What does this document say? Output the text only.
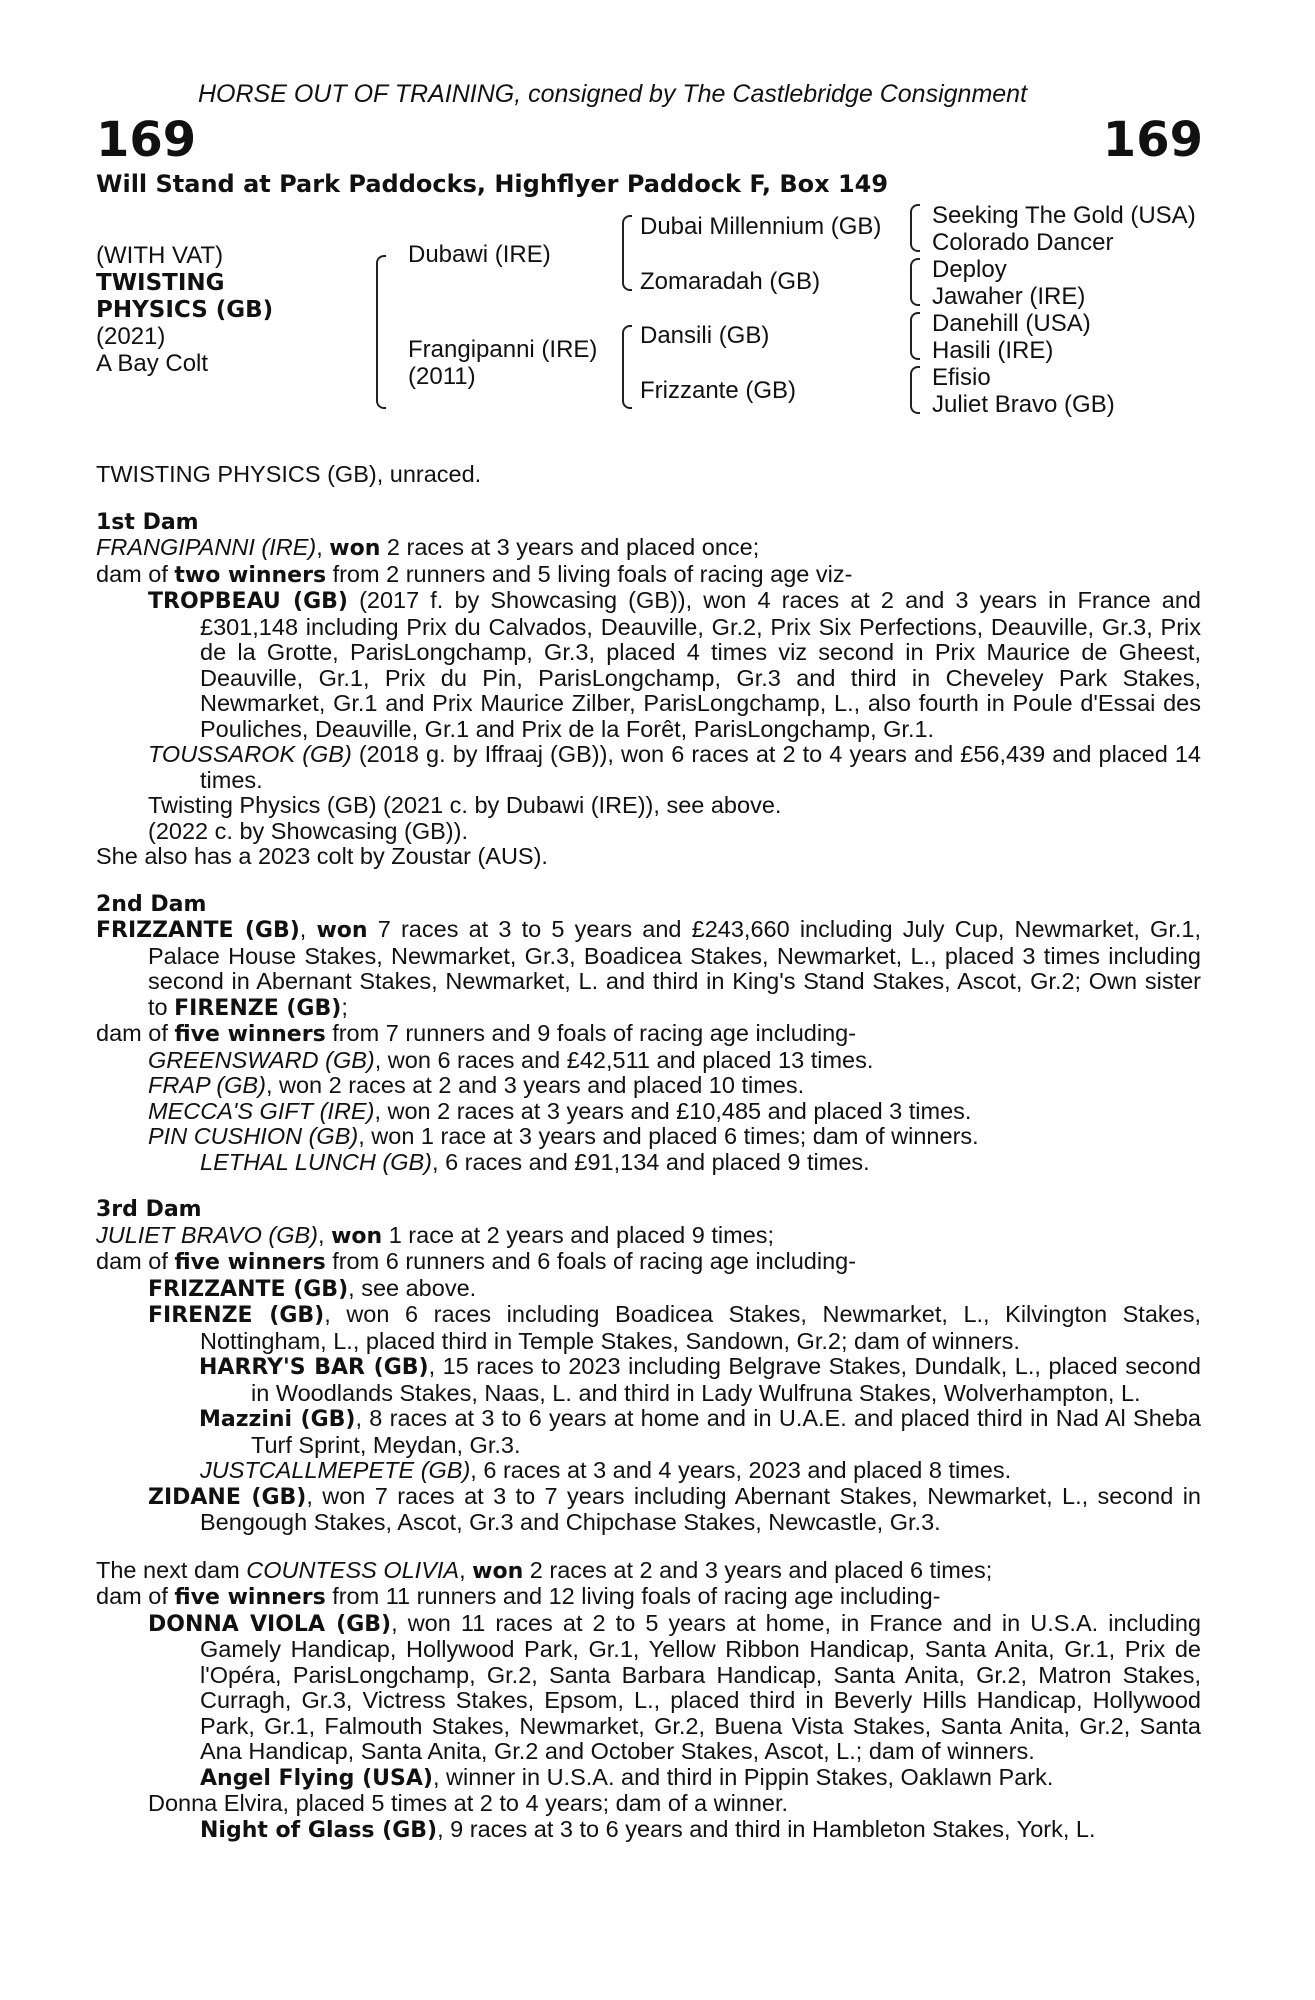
HORSE OUT OF TRAINING, consigned by The Castlebridge Consignment
169	169
Will Stand at Park Paddocks, Highflyer Paddock F, Box 149
(WITH VAT)
TWISTING
PHYSICS (GB)
(2021)
A Bay Colt
Dubawi (IRE)
Frangipanni (IRE)
(2011)
Dubai Millennium (GB)
Zomaradah (GB)
Dansili (GB)
Frizzante (GB)
Seeking The Gold (USA)
Colorado Dancer
Deploy
Jawaher (IRE)
Danehill (USA)
Hasili (IRE)
Efisio
Juliet Bravo (GB)

TWISTING PHYSICS (GB), unraced.

1st Dam

FRANGIPANNI (IRE), won 2 races at 3 years and placed once;

dam of two winners from 2 runners and 5 living foals of racing age viz-

TROPBEAU (GB) (2017 f. by Showcasing (GB)), won 4 races at 2 and 3 years in France and £301,148 including Prix du Calvados, Deauville, Gr.2, Prix Six Perfections, Deauville, Gr.3, Prix de la Grotte, ParisLongchamp, Gr.3, placed 4 times viz second in Prix Maurice de Gheest, Deauville, Gr.1, Prix du Pin, ParisLongchamp, Gr.3 and third in Cheveley Park Stakes, Newmarket, Gr.1 and Prix Maurice Zilber, ParisLongchamp, L., also fourth in Poule d'Essai des Pouliches, Deauville, Gr.1 and Prix de la Forêt, ParisLongchamp, Gr.1.

TOUSSAROK (GB) (2018 g. by Iffraaj (GB)), won 6 races at 2 to 4 years and £56,439 and placed 14 times.

Twisting Physics (GB) (2021 c. by Dubawi (IRE)), see above.

(2022 c. by Showcasing (GB)).

She also has a 2023 colt by Zoustar (AUS).

2nd Dam

FRIZZANTE (GB), won 7 races at 3 to 5 years and £243,660 including July Cup, Newmarket, Gr.1, Palace House Stakes, Newmarket, Gr.3, Boadicea Stakes, Newmarket, L., placed 3 times including second in Abernant Stakes, Newmarket, L. and third in King's Stand Stakes, Ascot, Gr.2; Own sister to FIRENZE (GB);

dam of five winners from 7 runners and 9 foals of racing age including-

GREENSWARD (GB), won 6 races and £42,511 and placed 13 times.

FRAP (GB), won 2 races at 2 and 3 years and placed 10 times.

MECCA'S GIFT (IRE), won 2 races at 3 years and £10,485 and placed 3 times.

PIN CUSHION (GB), won 1 race at 3 years and placed 6 times; dam of winners.

LETHAL LUNCH (GB), 6 races and £91,134 and placed 9 times.

3rd Dam

JULIET BRAVO (GB), won 1 race at 2 years and placed 9 times;

dam of five winners from 6 runners and 6 foals of racing age including-

FRIZZANTE (GB), see above.

FIRENZE (GB), won 6 races including Boadicea Stakes, Newmarket, L., Kilvington Stakes, Nottingham, L., placed third in Temple Stakes, Sandown, Gr.2; dam of winners.

HARRY'S BAR (GB), 15 races to 2023 including Belgrave Stakes, Dundalk, L., placed second in Woodlands Stakes, Naas, L. and third in Lady Wulfruna Stakes, Wolverhampton, L.

Mazzini (GB), 8 races at 3 to 6 years at home and in U.A.E. and placed third in Nad Al Sheba Turf Sprint, Meydan, Gr.3.

JUSTCALLMEPETE (GB), 6 races at 3 and 4 years, 2023 and placed 8 times.

ZIDANE (GB), won 7 races at 3 to 7 years including Abernant Stakes, Newmarket, L., second in Bengough Stakes, Ascot, Gr.3 and Chipchase Stakes, Newcastle, Gr.3.

The next dam COUNTESS OLIVIA, won 2 races at 2 and 3 years and placed 6 times;

dam of five winners from 11 runners and 12 living foals of racing age including-

DONNA VIOLA (GB), won 11 races at 2 to 5 years at home, in France and in U.S.A. including Gamely Handicap, Hollywood Park, Gr.1, Yellow Ribbon Handicap, Santa Anita, Gr.1, Prix de l'Opéra, ParisLongchamp, Gr.2, Santa Barbara Handicap, Santa Anita, Gr.2, Matron Stakes, Curragh, Gr.3, Victress Stakes, Epsom, L., placed third in Beverly Hills Handicap, Hollywood Park, Gr.1, Falmouth Stakes, Newmarket, Gr.2, Buena Vista Stakes, Santa Anita, Gr.2, Santa Ana Handicap, Santa Anita, Gr.2 and October Stakes, Ascot, L.; dam of winners.

Angel Flying (USA), winner in U.S.A. and third in Pippin Stakes, Oaklawn Park.

Donna Elvira, placed 5 times at 2 to 4 years; dam of a winner.

Night of Glass (GB), 9 races at 3 to 6 years and third in Hambleton Stakes, York, L.
